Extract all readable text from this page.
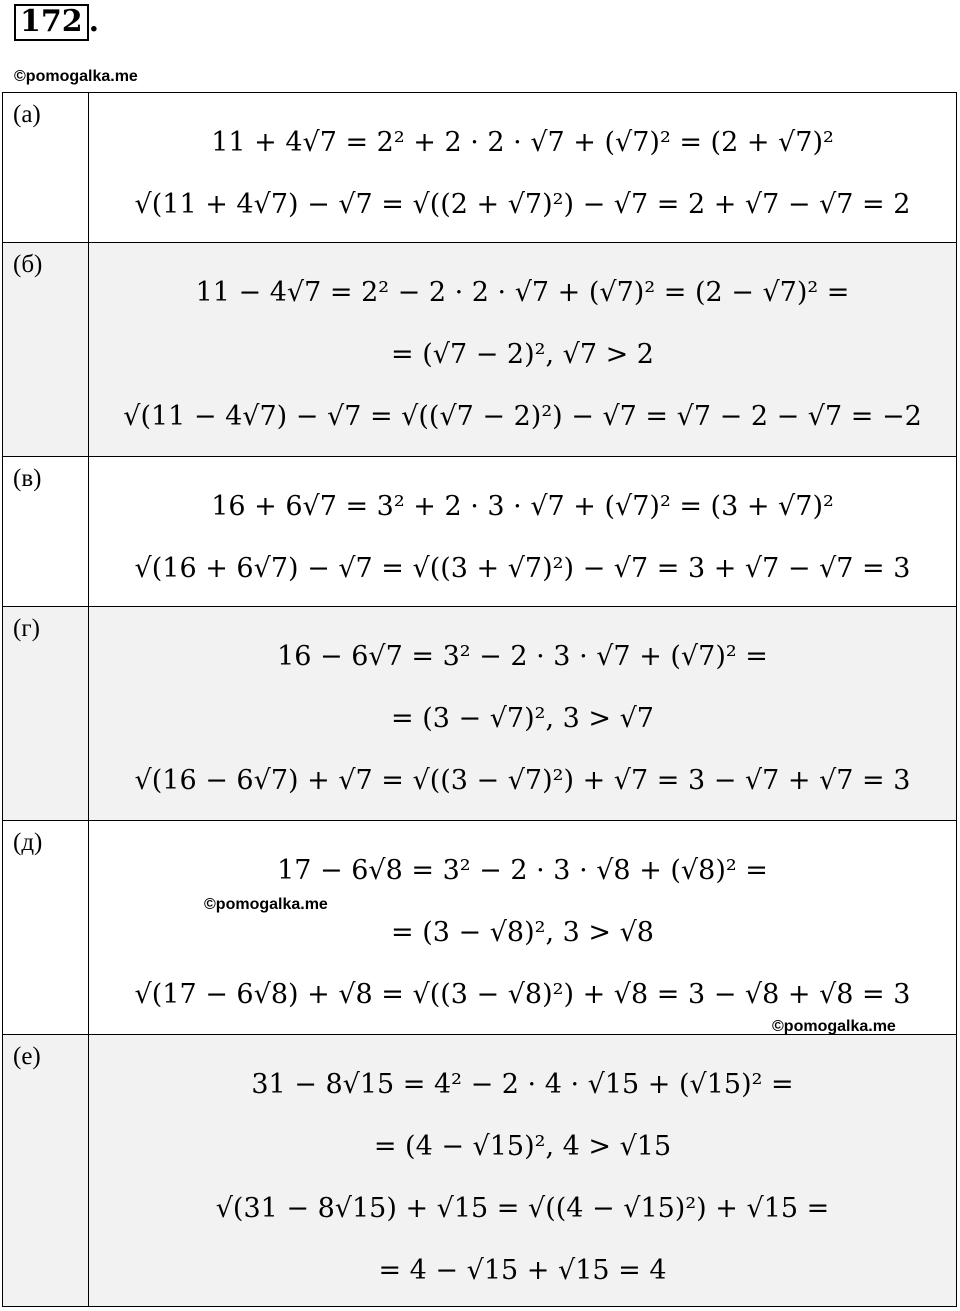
172 .
©pomogalka.me
(а)	11 + 4√7 = 2² + 2 · 2 · √7 + (√7)² = (2 + √7)²
√(11 + 4√7) − √7 = √((2 + √7)²) − √7 = 2 + √7 − √7 = 2

(б)	11 − 4√7 = 2² − 2 · 2 · √7 + (√7)² = (2 − √7)² =
= (√7 − 2)², √7 > 2
√(11 − 4√7) − √7 = √((√7 − 2)²) − √7 = √7 − 2 − √7 = −2

(в)	16 + 6√7 = 3² + 2 · 3 · √7 + (√7)² = (3 + √7)²
√(16 + 6√7) − √7 = √((3 + √7)²) − √7 = 3 + √7 − √7 = 3

(г)	16 − 6√7 = 3² − 2 · 3 · √7 + (√7)² =
= (3 − √7)², 3 > √7
√(16 − 6√7) + √7 = √((3 − √7)²) + √7 = 3 − √7 + √7 = 3

(д)	17 − 6√8 = 3² − 2 · 3 · √8 + (√8)² =
= (3 − √8)², 3 > √8
√(17 − 6√8) + √8 = √((3 − √8)²) + √8 = 3 − √8 + √8 = 3

(е)	31 − 8√15 = 4² − 2 · 4 · √15 + (√15)² =
= (4 − √15)², 4 > √15
√(31 − 8√15) + √15 = √((4 − √15)²) + √15 =
= 4 − √15 + √15 = 4
©pomogalka.me
©pomogalka.me
